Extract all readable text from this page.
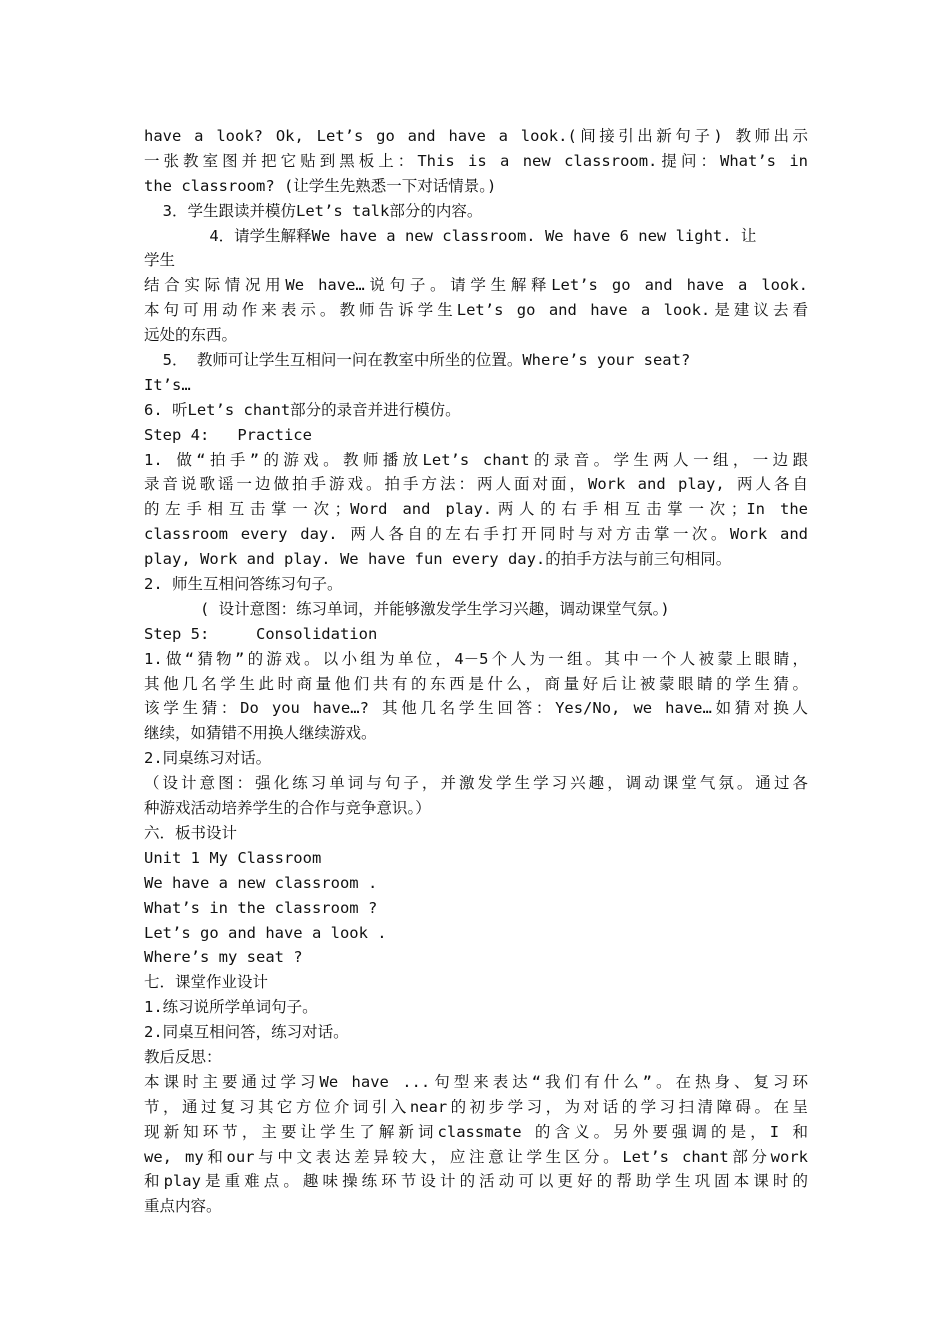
have a look? Ok, Let’s go and have a look.(间接引出新句子) 教师出示
一张教室图并把它贴到黑板上：This is a new classroom.提问：What’s in
the classroom? (让学生先熟悉一下对话情景。)
3．学生跟读并模仿Let’s talk部分的内容。
4．请学生解释We have a new classroom. We have 6 new light. 让
学生
结合实际情况用We have…说句子。请学生解释Let’s go and have a look.
本句可用动作来表示。教师告诉学生Let’s go and have a look.是建议去看
远处的东西。
5． 教师可让学生互相问一问在教室中所坐的位置。Where’s your seat?
It’s…
6. 听Let’s chant部分的录音并进行模仿。
Step 4:   Practice
1. 做“拍手”的游戏。教师播放Let’s chant的录音。学生两人一组，一边跟
录音说歌谣一边做拍手游戏。拍手方法：两人面对面，Work and play, 两人各自
的左手相互击掌一次；Word and play.两人的右手相互击掌一次；In the
classroom every day. 两人各自的左右手打开同时与对方击掌一次。Work and
play, Work and play. We have fun every day.的拍手方法与前三句相同。
2. 师生互相问答练习句子。
( 设计意图：练习单词，并能够激发学生学习兴趣，调动课堂气氛。)
Step 5:     Consolidation
1.做“猜物”的游戏。以小组为单位，4－5个人为一组。其中一个人被蒙上眼睛，
其他几名学生此时商量他们共有的东西是什么，商量好后让被蒙眼睛的学生猜。
该学生猜：Do you have…? 其他几名学生回答：Yes/No, we have…如猜对换人
继续，如猜错不用换人继续游戏。
2.同桌练习对话。
（设计意图：强化练习单词与句子，并激发学生学习兴趣，调动课堂气氛。通过各
种游戏活动培养学生的合作与竞争意识。）
六．板书设计
Unit 1 My Classroom
We have a new classroom .
What’s in the classroom ?
Let’s go and have a look .
Where’s my seat ?
七．课堂作业设计
1.练习说所学单词句子。
2.同桌互相问答，练习对话。
教后反思：
本课时主要通过学习We have ...句型来表达“我们有什么”。在热身、复习环
节，通过复习其它方位介词引入near的初步学习，为对话的学习扫清障碍。在呈
现新知环节，主要让学生了解新词classmate 的含义。另外要强调的是，I 和
we, my和our与中文表达差异较大，应注意让学生区分。Let’s chant部分work
和play是重难点。趣味操练环节设计的活动可以更好的帮助学生巩固本课时的
重点内容。
